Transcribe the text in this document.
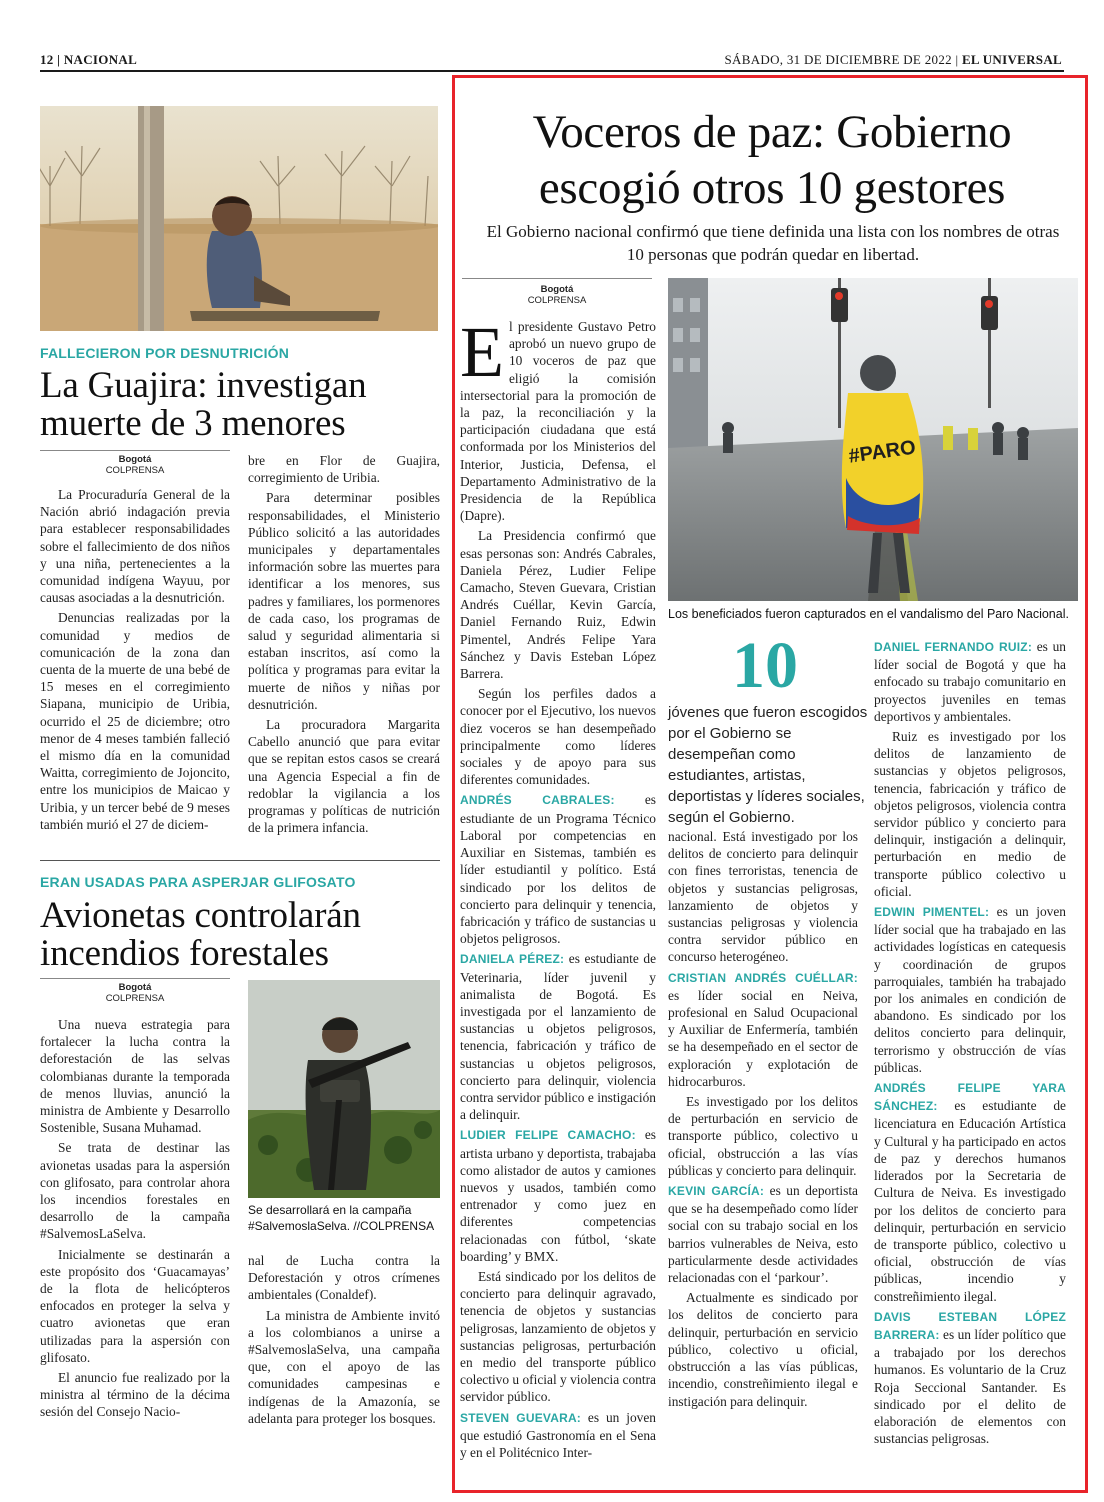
12 | NACIONAL	SÁBADO, 31 DE DICIEMBRE DE 2022 | EL UNIVERSAL
FALLECIERON POR DESNUTRICIÓN
La Guajira: investigan muerte de 3 menores
Bogotá
COLPRENSA

La Procuraduría General de la Nación abrió indagación previa para establecer responsabilidades sobre el fallecimiento de dos niños y una niña, pertenecientes a la comunidad indígena Wayuu, por causas asociadas a la desnutrición.

Denuncias realizadas por la comunidad y medios de comunicación de la zona dan cuenta de la muerte de una bebé de 15 meses en el corregimiento Siapana, municipio de Uribia, ocurrido el 25 de diciembre; otro menor de 4 meses también falleció el mismo día en la comunidad Waitta, corregimiento de Jojoncito, entre los municipios de Maicao y Uribia, y un tercer bebé de 9 meses también murió el 27 de diciem-

bre en Flor de Guajira, corregimiento de Uribia.

Para determinar posibles responsabilidades, el Ministerio Público solicitó a las autoridades municipales y departamentales información sobre las muertes para identificar a los menores, sus padres y familiares, los pormenores de cada caso, los programas de salud y seguridad alimentaria si estaban inscritos, así como la política y programas para evitar la muerte de niños y niñas por desnutrición.

La procuradora Margarita Cabello anunció que para evitar que se repitan estos casos se creará una Agencia Especial a fin de redoblar la vigilancia a los programas y políticas de nutrición de la primera infancia.

ERAN USADAS PARA ASPERJAR GLIFOSATO
Avionetas controlarán incendios forestales
Bogotá
COLPRENSA

Una nueva estrategia para fortalecer la lucha contra la deforestación de las selvas colombianas durante la temporada de menos lluvias, anunció la ministra de Ambiente y Desarrollo Sostenible, Susana Muhamad.

Se trata de destinar las avionetas usadas para la aspersión con glifosato, para controlar ahora los incendios forestales en desarrollo de la campaña #SalvemosLaSelva.

Inicialmente se destinarán a este propósito dos ‘Guacamayas’ de la flota de helicópteros enfocados en proteger la selva y cuatro avionetas que eran utilizadas para la aspersión con glifosato.

El anuncio fue realizado por la ministra al término de la décima sesión del Consejo Nacio-

Se desarrollará en la campaña #SalvemoslaSelva. //COLPRENSA

nal de Lucha contra la Deforestación y otros crímenes ambientales (Conaldef).

La ministra de Ambiente invitó a los colombianos a unirse a #SalvemoslaSelva, una campaña que, con el apoyo de las comunidades campesinas e indígenas de la Amazonía, se adelanta para proteger los bosques.

Voceros de paz: Gobierno escogió otros 10 gestores
El Gobierno nacional confirmó que tiene definida una lista con los nombres de otras 10 personas que podrán quedar en libertad.
Bogotá
COLPRENSA
#PARO
Los beneficiados fueron capturados en el vandalismo del Paro Nacional.
10
jóvenes que fueron escogidos por el Gobierno se desempeñan como estudiantes, artistas, deportistas y líderes sociales, según el Gobierno.

El presidente Gustavo Petro aprobó un nuevo grupo de 10 voceros de paz que eligió la comisión intersectorial para la promoción de la paz, la reconciliación y la participación ciudadana que está conformada por los Ministerios del Interior, Justicia, Defensa, el Departamento Administrativo de la Presidencia de la República (Dapre).

La Presidencia confirmó que esas personas son: Andrés Cabrales, Daniela Pérez, Ludier Felipe Camacho, Steven Guevara, Cristian Andrés Cuéllar, Kevin García, Daniel Fernando Ruiz, Edwin Pimentel, Andrés Felipe Yara Sánchez y Davis Esteban López Barrera.

Según los perfiles dados a conocer por el Ejecutivo, los nuevos diez voceros se han desempeñado principalmente como líderes sociales y de apoyo para sus diferentes comunidades.

ANDRÉS CABRALES: es estudiante de un Programa Técnico Laboral por competencias en Auxiliar en Sistemas, también es líder estudiantil y político. Está sindicado por los delitos de concierto para delinquir y tenencia, fabricación y tráfico de sustancias u objetos peligrosos.

DANIELA PÉREZ: es estudiante de Veterinaria, líder juvenil y animalista de Bogotá. Es investigada por el lanzamiento de sustancias u objetos peligrosos, tenencia, fabricación y tráfico de sustancias u objetos peligrosos, concierto para delinquir, violencia contra servidor público e instigación a delinquir.

LUDIER FELIPE CAMACHO: es artista urbano y deportista, trabajaba como alistador de autos y camiones nuevos y usados, también como entrenador y como juez en diferentes competencias relacionadas con fútbol, ‘skate boarding’ y BMX.

Está sindicado por los delitos de concierto para delinquir agravado, tenencia de objetos y sustancias peligrosas, lanzamiento de objetos y sustancias peligrosas, perturbación en medio del transporte público colectivo u oficial y violencia contra servidor público.

STEVEN GUEVARA: es un joven que estudió Gastronomía en el Sena y en el Politécnico Inter-

nacional. Está investigado por los delitos de concierto para delinquir con fines terroristas, tenencia de objetos y sustancias peligrosas, lanzamiento de objetos y sustancias peligrosas y violencia contra servidor público en concurso heterogéneo.

CRISTIAN ANDRÉS CUÉLLAR: es líder social en Neiva, profesional en Salud Ocupacional y Auxiliar de Enfermería, también se ha desempeñado en el sector de exploración y explotación de hidrocarburos.

Es investigado por los delitos de perturbación en servicio de transporte público, colectivo u oficial, obstrucción a las vías públicas y concierto para delinquir.

KEVIN GARCÍA: es un deportista que se ha desempeñado como líder social con su trabajo social en los barrios vulnerables de Neiva, esto particularmente desde actividades relacionadas con el ‘parkour’.

Actualmente es sindicado por los delitos de concierto para delinquir, perturbación en servicio público, colectivo u oficial, obstrucción a las vías públicas, incendio, constreñimiento ilegal e instigación para delinquir.

DANIEL FERNANDO RUIZ: es un líder social de Bogotá y que ha enfocado su trabajo comunitario en proyectos juveniles en temas deportivos y ambientales.

Ruiz es investigado por los delitos de lanzamiento de sustancias y objetos peligrosos, tenencia, fabricación y tráfico de objetos peligrosos, violencia contra servidor público y concierto para delinquir, instigación a delinquir, perturbación en medio de transporte público colectivo u oficial.

EDWIN PIMENTEL: es un joven líder social que ha trabajado en las actividades logísticas en catequesis y coordinación de grupos parroquiales, también ha trabajado por los animales en condición de abandono. Es sindicado por los delitos concierto para delinquir, terrorismo y obstrucción de vías públicas.

ANDRÉS FELIPE YARA SÁNCHEZ: es estudiante de licenciatura en Educación Artística y Cultural y ha participado en actos de paz y derechos humanos liderados por la Secretaria de Cultura de Neiva. Es investigado por los delitos de concierto para delinquir, perturbación en servicio de transporte público, colectivo u oficial, obstrucción de vías públicas, incendio y constreñimiento ilegal.

DAVIS ESTEBAN LÓPEZ BARRERA: es un líder político que a trabajado por los derechos humanos. Es voluntario de la Cruz Roja Seccional Santander. Es sindicado por el delito de elaboración de elementos con sustancias peligrosas.
